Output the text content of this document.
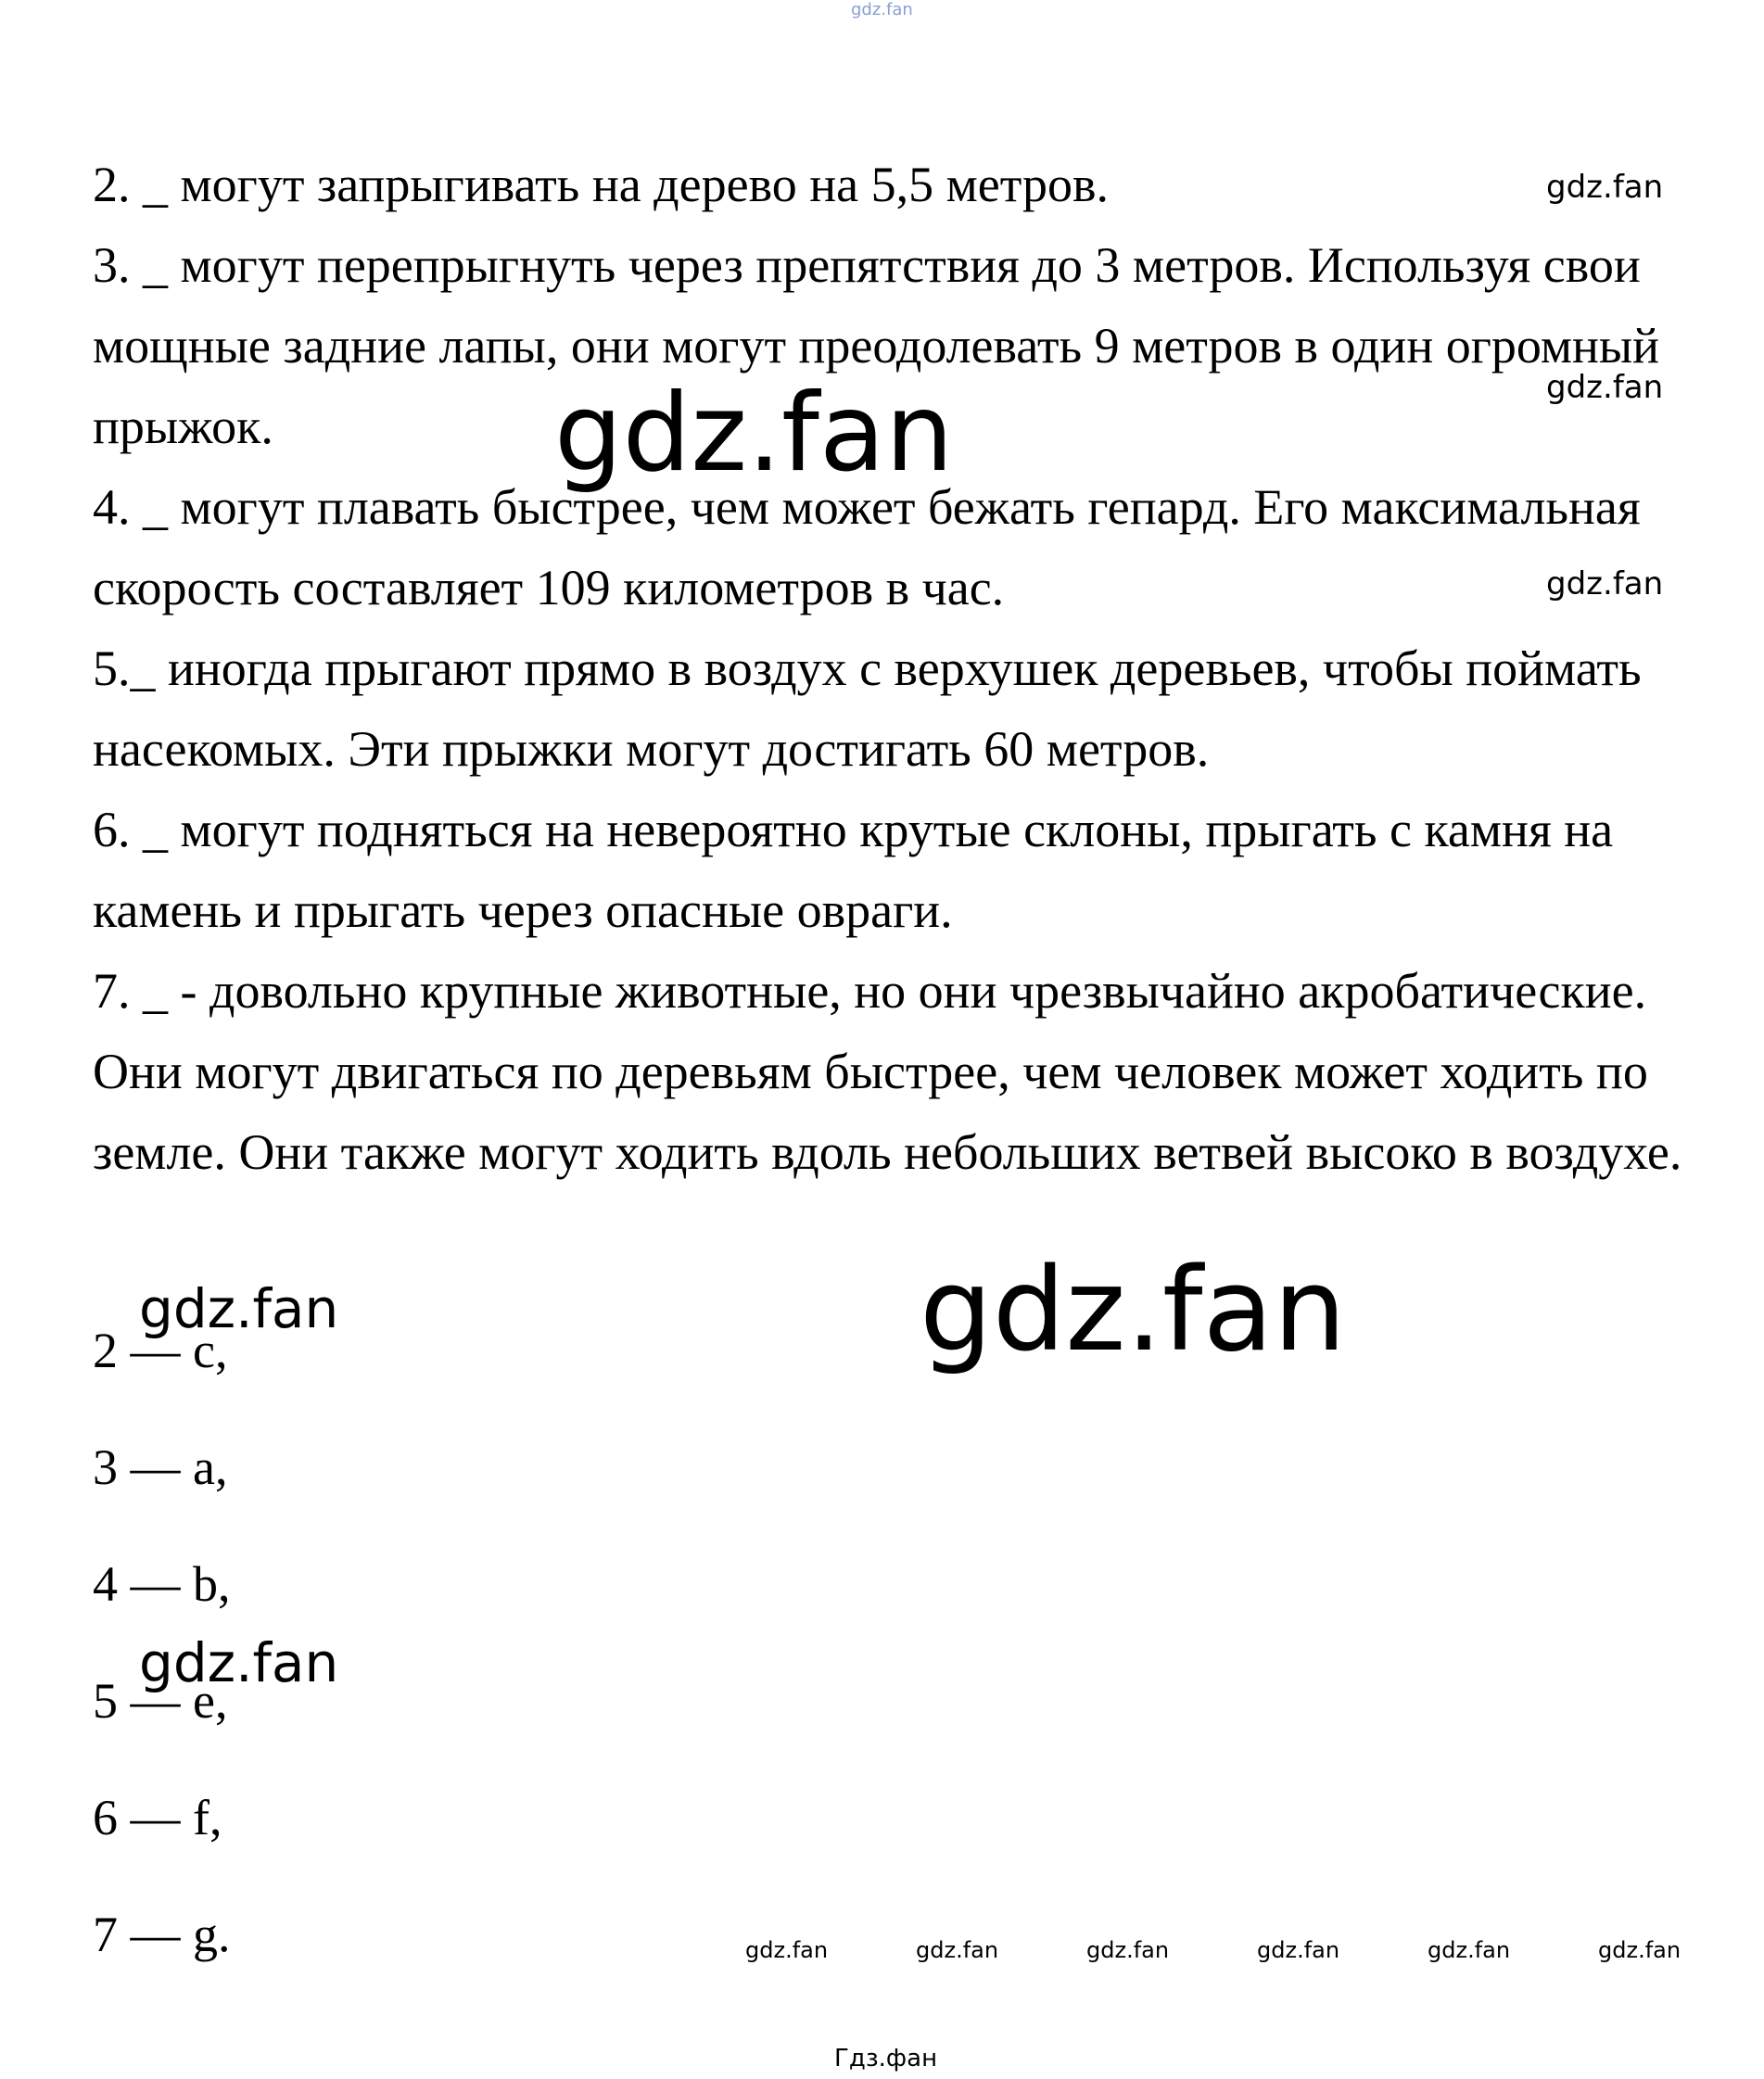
gdz.fan

2. _ могут запрыгивать на дерево на 5,5 метров.

3. _ могут перепрыгнуть через препятствия до 3 метров. Используя свои мощные задние лапы, они могут преодолевать 9 метров в один огромный прыжок.

4. _ могут плавать быстрее, чем может бежать гепард. Его максимальная скорость составляет 109 километров в час.

5._ иногда прыгают прямо в воздух с верхушек деревьев, чтобы поймать насекомых. Эти прыжки могут достигать 60 метров.

6. _ могут подняться на невероятно крутые склоны, прыгать с камня на камень и прыгать через опасные овраги.

7. _ - довольно крупные животные, но они чрезвычайно акробатические. Они могут двигаться по деревьям быстрее, чем человек может ходить по земле. Они также могут ходить вдоль небольших ветвей высоко в воздухе.

2 — c,
3 — a,
4 — b,
5 — e,
6 — f,
7 — g.
gdz.fan
gdz.fan
gdz.fan
gdz.fan
gdz.fan
gdz.fan
gdz.fan
gdz.fan	gdz.fan	gdz.fan	gdz.fan	gdz.fan	gdz.fan
Гдз.фан
